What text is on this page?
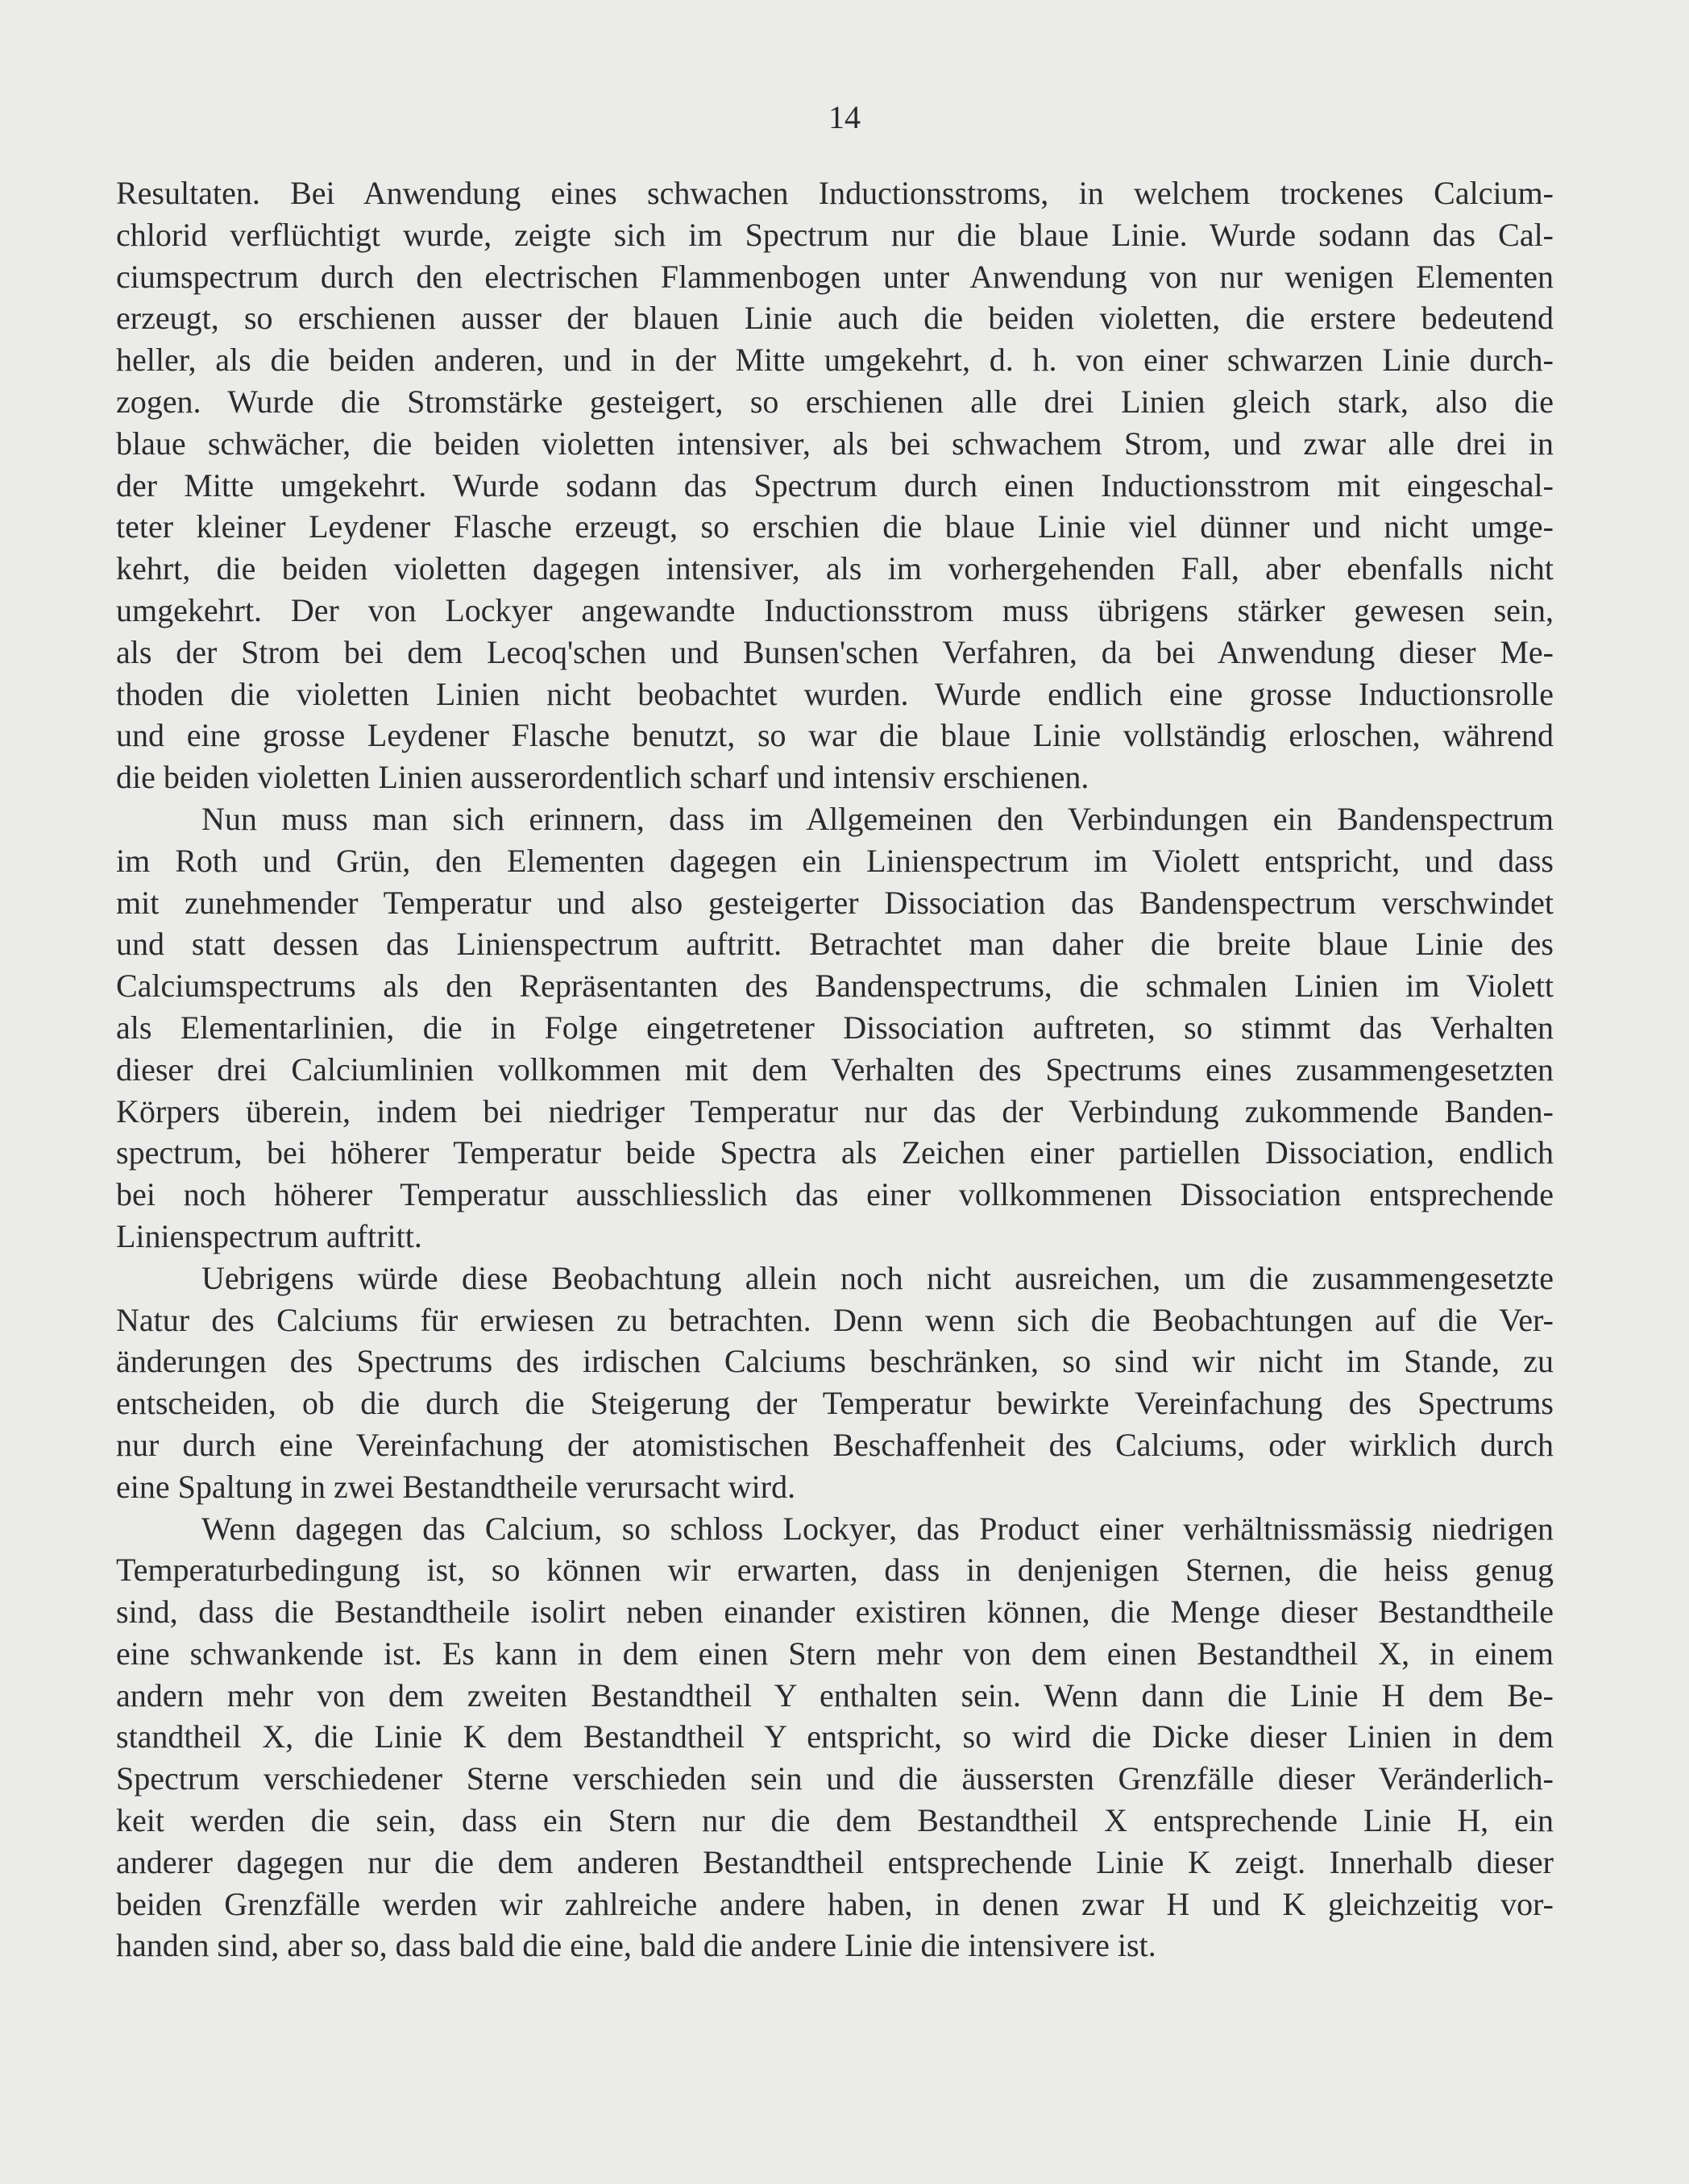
14

Resultaten. Bei Anwendung eines schwachen Inductionsstroms, in welchem trockenes Calcium-
chlorid verflüchtigt wurde, zeigte sich im Spectrum nur die blaue Linie. Wurde sodann das Cal-
ciumspectrum durch den electrischen Flammenbogen unter Anwendung von nur wenigen Elementen
erzeugt, so erschienen ausser der blauen Linie auch die beiden violetten, die erstere bedeutend
heller, als die beiden anderen, und in der Mitte umgekehrt, d. h. von einer schwarzen Linie durch-
zogen. Wurde die Stromstärke gesteigert, so erschienen alle drei Linien gleich stark, also die
blaue schwächer, die beiden violetten intensiver, als bei schwachem Strom, und zwar alle drei in
der Mitte umgekehrt. Wurde sodann das Spectrum durch einen Inductionsstrom mit eingeschal-
teter kleiner Leydener Flasche erzeugt, so erschien die blaue Linie viel dünner und nicht umge-
kehrt, die beiden violetten dagegen intensiver, als im vorhergehenden Fall, aber ebenfalls nicht
umgekehrt. Der von Lockyer angewandte Inductionsstrom muss übrigens stärker gewesen sein,
als der Strom bei dem Lecoq'schen und Bunsen'schen Verfahren, da bei Anwendung dieser Me-
thoden die violetten Linien nicht beobachtet wurden. Wurde endlich eine grosse Inductionsrolle
und eine grosse Leydener Flasche benutzt, so war die blaue Linie vollständig erloschen, während
die beiden violetten Linien ausserordentlich scharf und intensiv erschienen.

Nun muss man sich erinnern, dass im Allgemeinen den Verbindungen ein Bandenspectrum
im Roth und Grün, den Elementen dagegen ein Linienspectrum im Violett entspricht, und dass
mit zunehmender Temperatur und also gesteigerter Dissociation das Bandenspectrum verschwindet
und statt dessen das Linienspectrum auftritt. Betrachtet man daher die breite blaue Linie des
Calciumspectrums als den Repräsentanten des Bandenspectrums, die schmalen Linien im Violett
als Elementarlinien, die in Folge eingetretener Dissociation auftreten, so stimmt das Verhalten
dieser drei Calciumlinien vollkommen mit dem Verhalten des Spectrums eines zusammengesetzten
Körpers überein, indem bei niedriger Temperatur nur das der Verbindung zukommende Banden-
spectrum, bei höherer Temperatur beide Spectra als Zeichen einer partiellen Dissociation, endlich
bei noch höherer Temperatur ausschliesslich das einer vollkommenen Dissociation entsprechende
Linienspectrum auftritt.

Uebrigens würde diese Beobachtung allein noch nicht ausreichen, um die zusammengesetzte
Natur des Calciums für erwiesen zu betrachten. Denn wenn sich die Beobachtungen auf die Ver-
änderungen des Spectrums des irdischen Calciums beschränken, so sind wir nicht im Stande, zu
entscheiden, ob die durch die Steigerung der Temperatur bewirkte Vereinfachung des Spectrums
nur durch eine Vereinfachung der atomistischen Beschaffenheit des Calciums, oder wirklich durch
eine Spaltung in zwei Bestandtheile verursacht wird.

Wenn dagegen das Calcium, so schloss Lockyer, das Product einer verhältnissmässig niedrigen
Temperaturbedingung ist, so können wir erwarten, dass in denjenigen Sternen, die heiss genug
sind, dass die Bestandtheile isolirt neben einander existiren können, die Menge dieser Bestandtheile
eine schwankende ist. Es kann in dem einen Stern mehr von dem einen Bestandtheil X, in einem
andern mehr von dem zweiten Bestandtheil Y enthalten sein. Wenn dann die Linie H dem Be-
standtheil X, die Linie K dem Bestandtheil Y entspricht, so wird die Dicke dieser Linien in dem
Spectrum verschiedener Sterne verschieden sein und die äussersten Grenzfälle dieser Veränderlich-
keit werden die sein, dass ein Stern nur die dem Bestandtheil X entsprechende Linie H, ein
anderer dagegen nur die dem anderen Bestandtheil entsprechende Linie K zeigt. Innerhalb dieser
beiden Grenzfälle werden wir zahlreiche andere haben, in denen zwar H und K gleichzeitig vor-
handen sind, aber so, dass bald die eine, bald die andere Linie die intensivere ist.
